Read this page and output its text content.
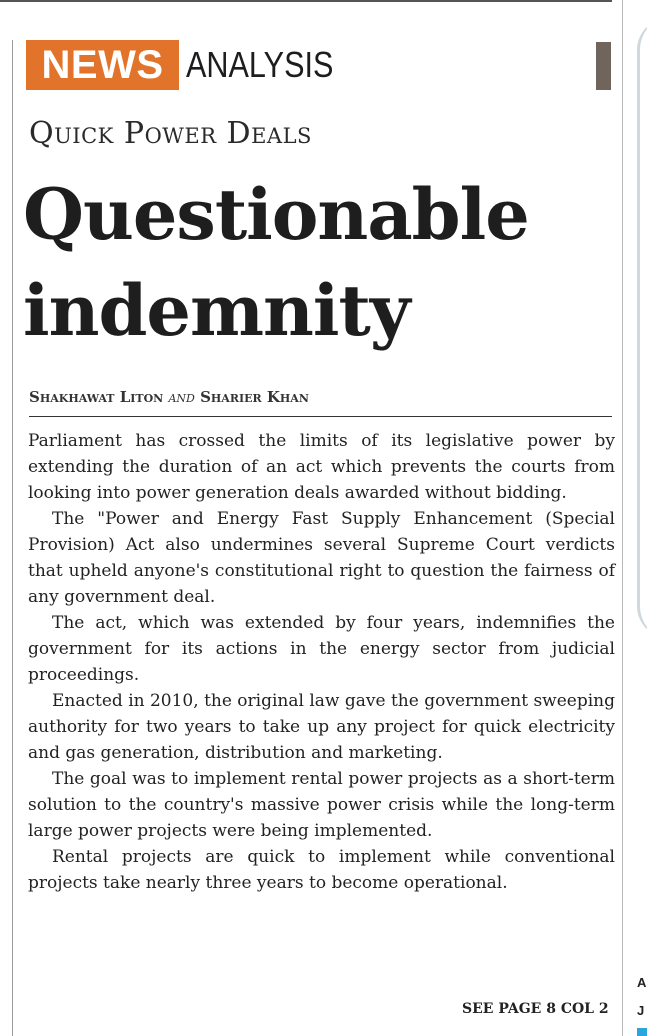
A
J
NEWS ANALYSIS
Quick Power Deals
Questionable
indemnity
Shakhawat Liton and Sharier Khan

Parliament has crossed the limits of its legislative power by extending the duration of an act which prevents the courts from looking into power generation deals awarded without bidding.

The "Power and Energy Fast Supply Enhancement (Special Provision) Act also undermines several Supreme Court verdicts that upheld anyone's constitutional right to question the fairness of any government deal.

The act, which was extended by four years, indemnifies the government for its actions in the energy sector from judicial proceedings.

Enacted in 2010, the original law gave the government sweeping authority for two years to take up any project for quick electricity and gas generation, distribution and marketing.

The goal was to implement rental power projects as a short-term solution to the country's massive power crisis while the long-term large power projects were being implemented.

Rental projects are quick to implement while conventional projects take nearly three years to become operational.

SEE PAGE 8 COL 2
